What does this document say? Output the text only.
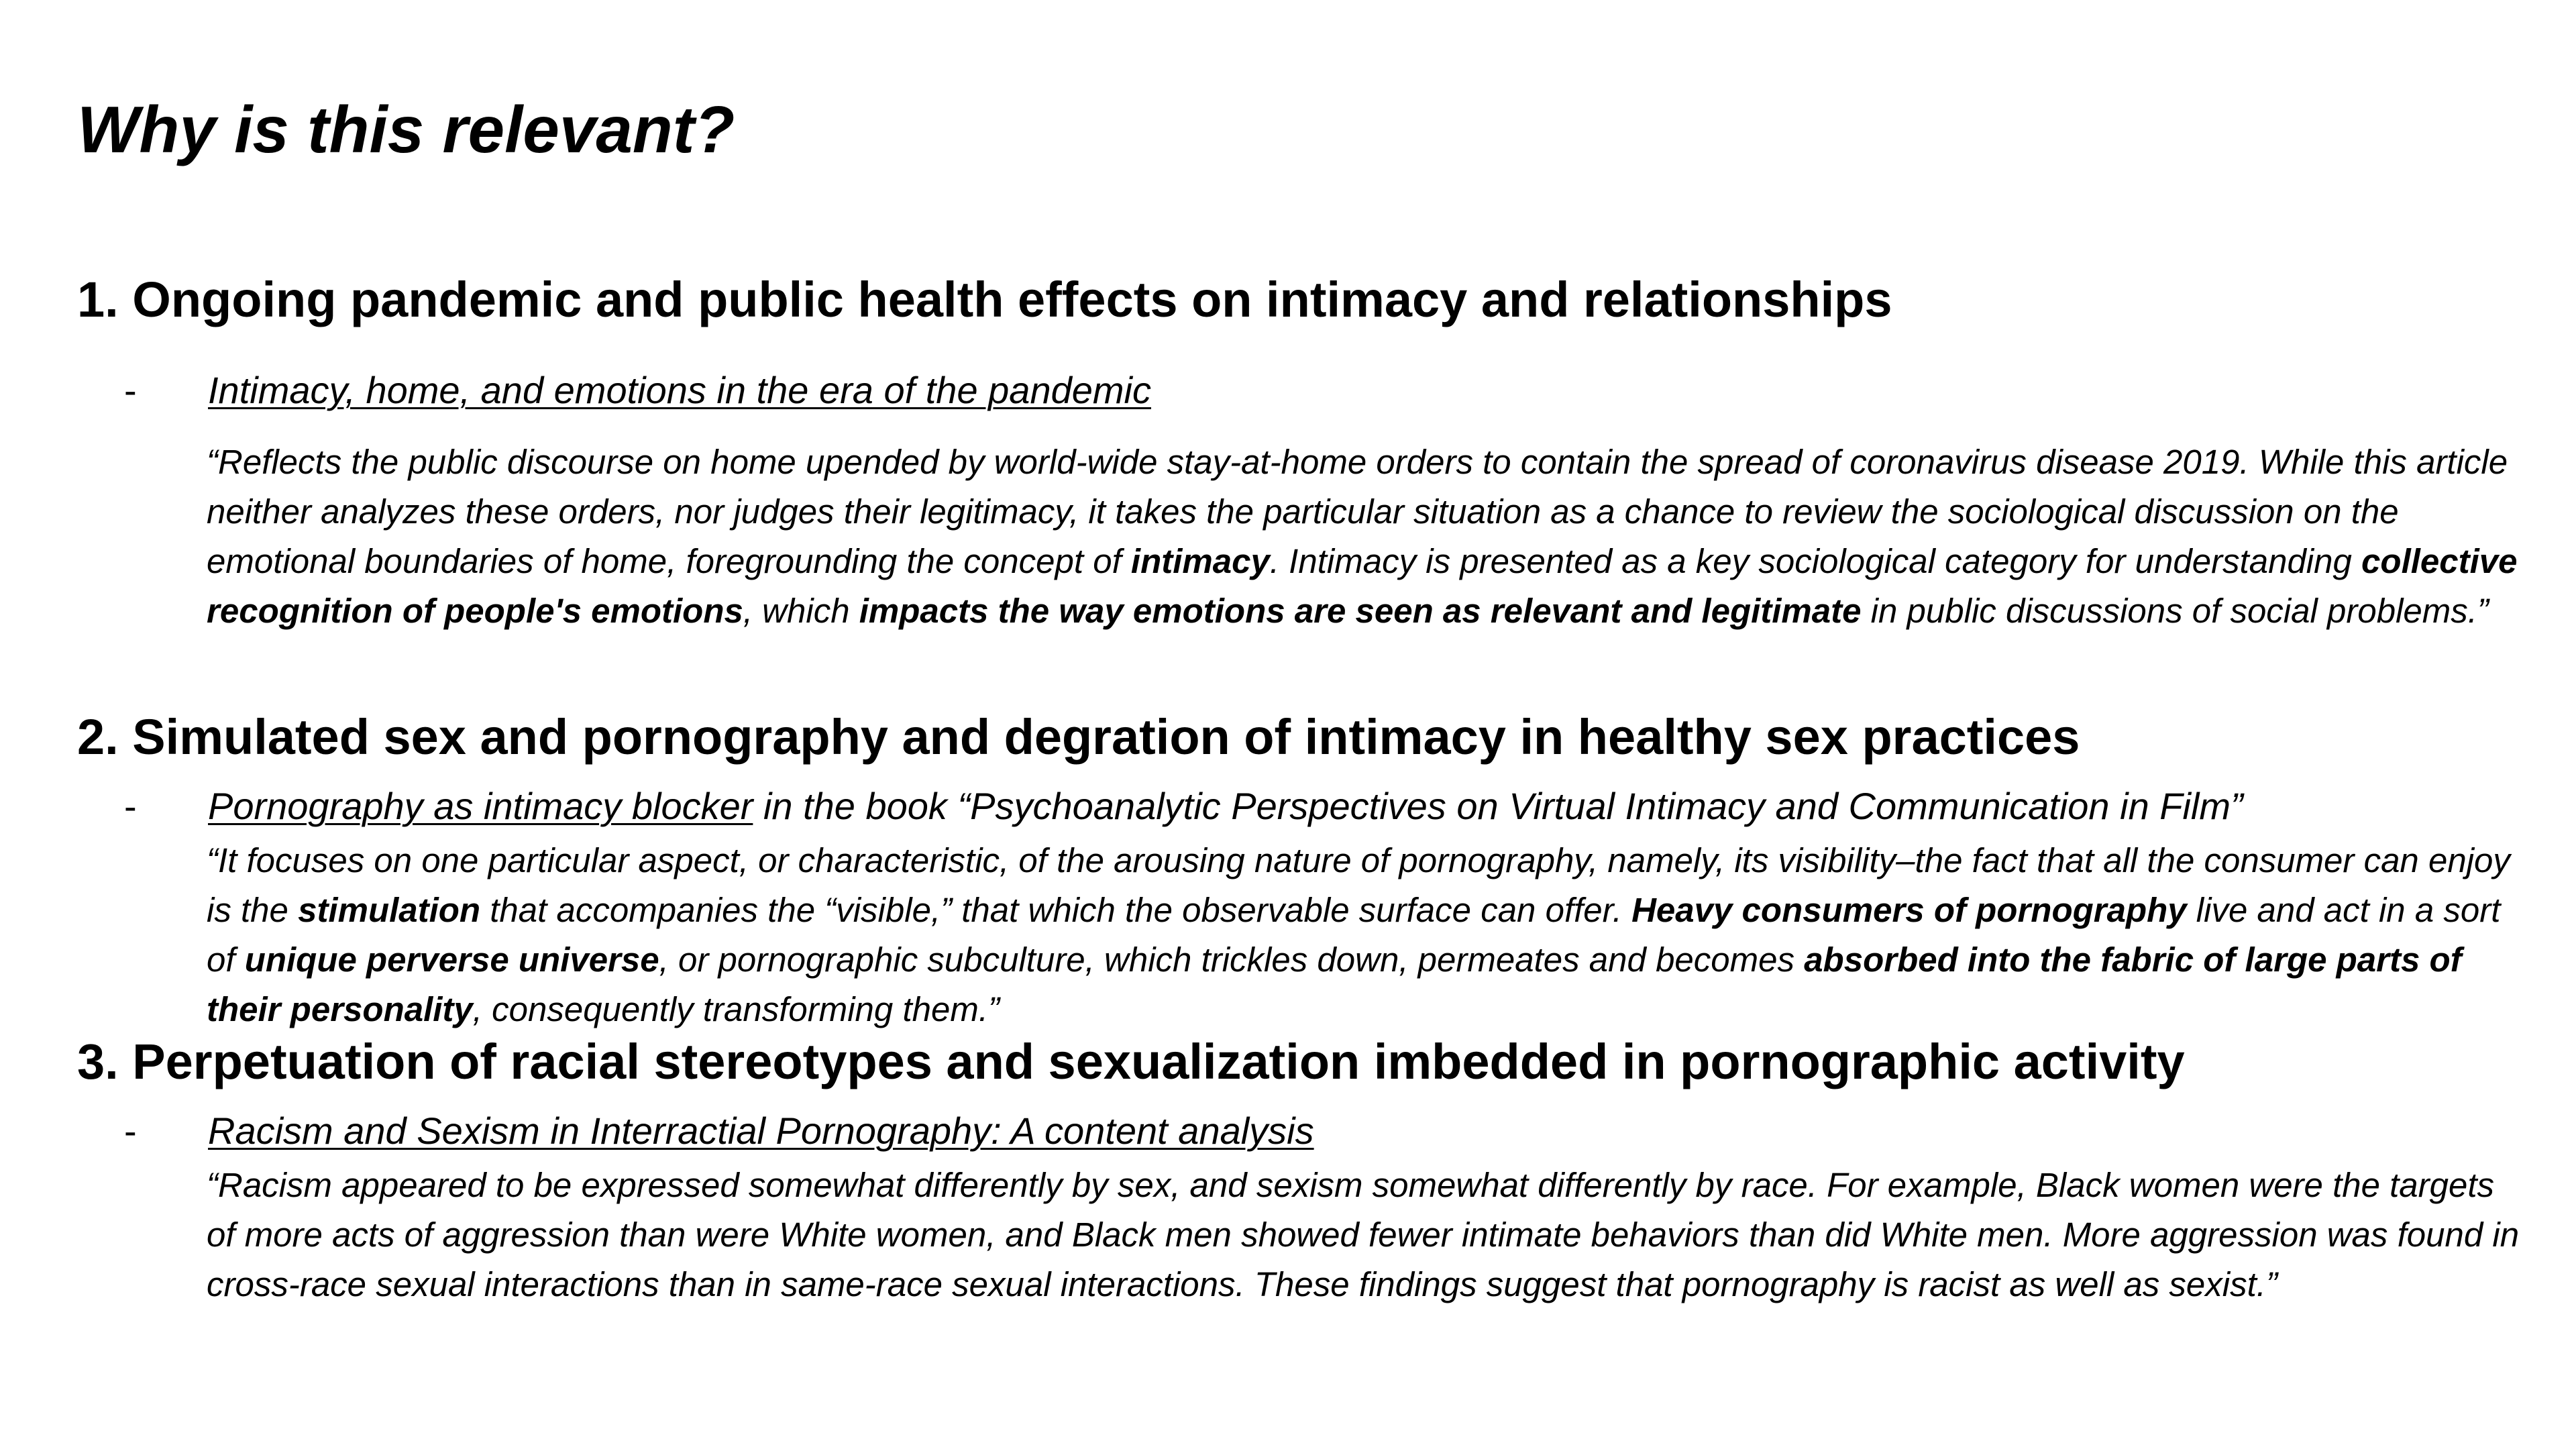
Why is this relevant?
1. Ongoing pandemic and public health effects on intimacy and relationships
- Intimacy, home, and emotions in the era of the pandemic

“Reflects the public discourse on home upended by world-wide stay-at-home orders to contain the spread of coronavirus disease 2019. While this article neither analyzes these orders, nor judges their legitimacy, it takes the particular situation as a chance to review the sociological discussion on the emotional boundaries of home, foregrounding the concept of intimacy. Intimacy is presented as a key sociological category for understanding collective recognition of people's emotions, which impacts the way emotions are seen as relevant and legitimate in public discussions of social problems.”

2. Simulated sex and pornography and degration of intimacy in healthy sex practices
- Pornography as intimacy blocker in the book “Psychoanalytic Perspectives on Virtual Intimacy and Communication in Film”

“It focuses on one particular aspect, or characteristic, of the arousing nature of pornography, namely, its visibility–the fact that all the consumer can enjoy is the stimulation that accompanies the “visible,” that which the observable surface can offer. Heavy consumers of pornography live and act in a sort of unique perverse universe, or pornographic subculture, which trickles down, permeates and becomes absorbed into the fabric of large parts of their personality, consequently transforming them.”

3. Perpetuation of racial stereotypes and sexualization imbedded in pornographic activity
- Racism and Sexism in Interractial Pornography: A content analysis

“Racism appeared to be expressed somewhat differently by sex, and sexism somewhat differently by race. For example, Black women were the targets of more acts of aggression than were White women, and Black men showed fewer intimate behaviors than did White men. More aggression was found in cross-race sexual interactions than in same-race sexual interactions. These findings suggest that pornography is racist as well as sexist.”
